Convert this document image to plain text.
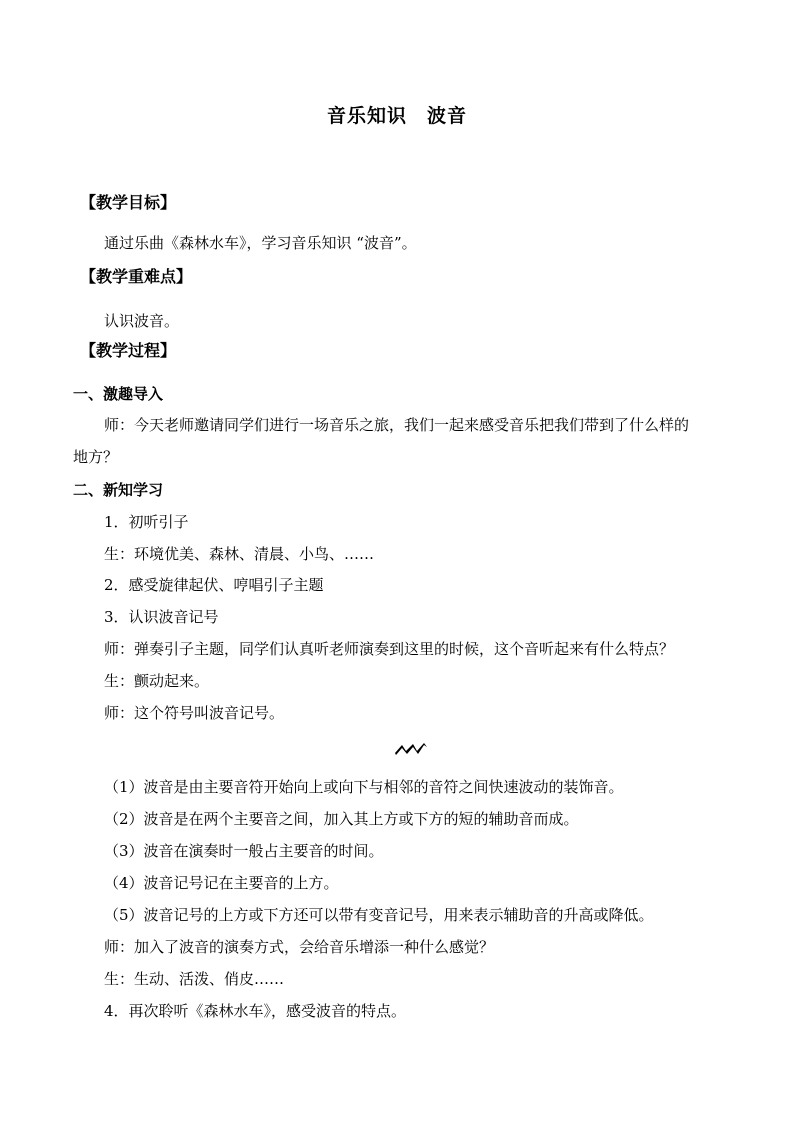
音乐知识　波音
【教学目标】
通过乐曲《森林水车》，学习音乐知识 “波音”。
【教学重难点】
认识波音。
【教学过程】
一、激趣导入
师：今天老师邀请同学们进行一场音乐之旅，我们一起来感受音乐把我们带到了什么样的
地方？
二、新知学习
1．初听引子
生：环境优美、森林、清晨、小鸟、……
2．感受旋律起伏、哼唱引子主题
3．认识波音记号
师：弹奏引子主题，同学们认真听老师演奏到这里的时候，这个音听起来有什么特点？
生：颤动起来。
师：这个符号叫波音记号。
（1）波音是由主要音符开始向上或向下与相邻的音符之间快速波动的装饰音。
（2）波音是在两个主要音之间，加入其上方或下方的短的辅助音而成。
（3）波音在演奏时一般占主要音的时间。
（4）波音记号记在主要音的上方。
（5）波音记号的上方或下方还可以带有变音记号，用来表示辅助音的升高或降低。
师：加入了波音的演奏方式，会给音乐增添一种什么感觉？
生：生动、活泼、俏皮……
4．再次聆听《森林水车》，感受波音的特点。
